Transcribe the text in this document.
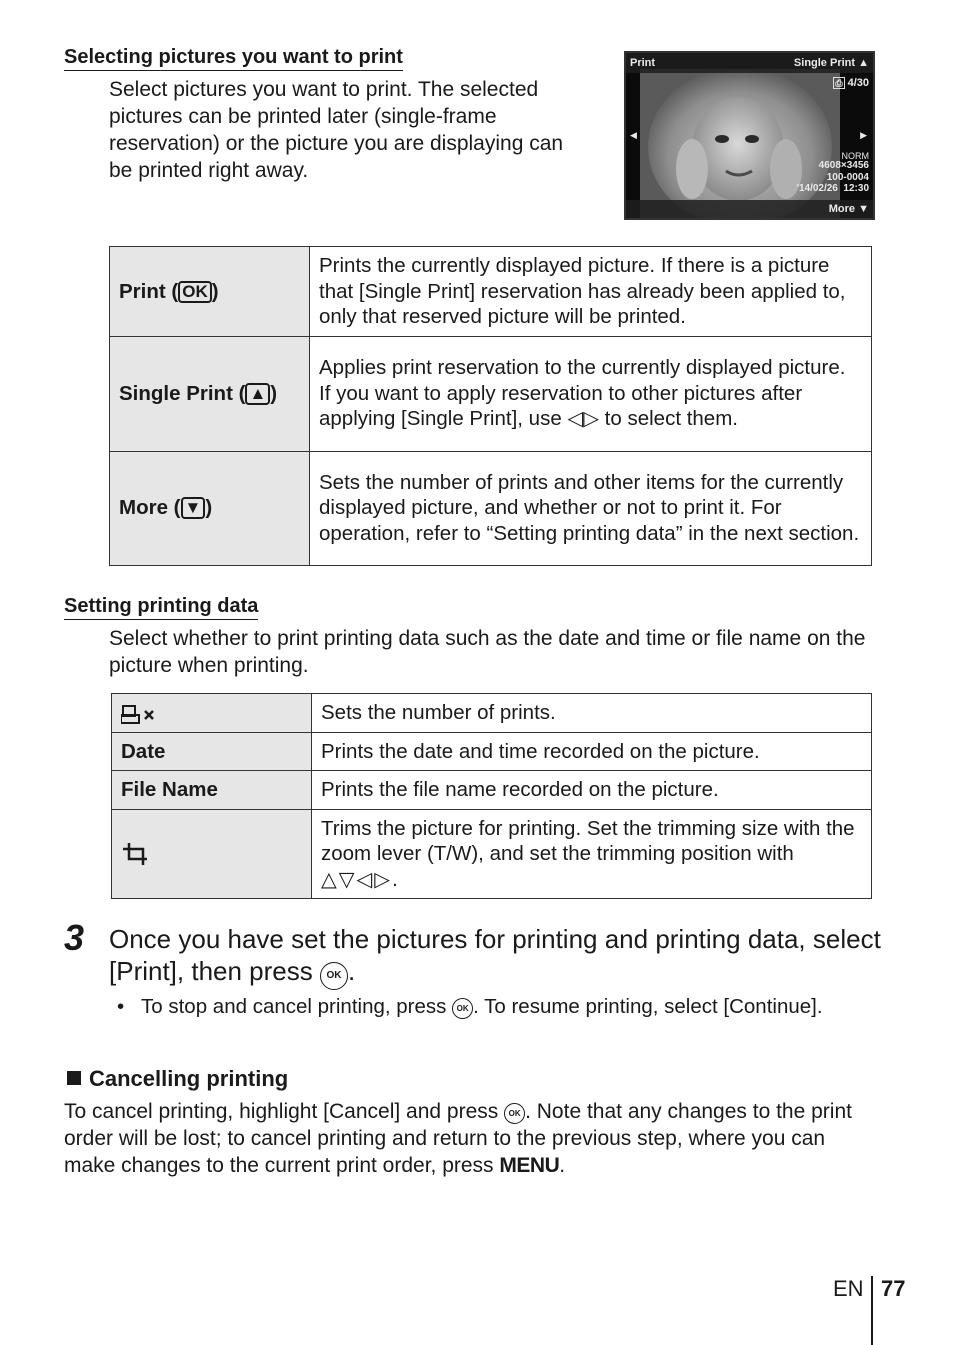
Selecting pictures you want to print
Select pictures you want to print. The selected pictures can be printed later (single-frame reservation) or the picture you are displaying can be printed right away.
Print	Single Print ▲
⎙ 4/30
◀	▶
NORM
4608×3456
100-0004
'14/02/26  12:30
More ▼
Print ( OK )	Prints the currently displayed picture. If there is a picture that [Single Print] reservation has already been applied to, only that reserved picture will be printed.
Single Print ( ▲ )	Applies print reservation to the currently displayed picture. If you want to apply reservation to other pictures after applying [Single Print], use ◁▷ to select them.
More ( ▼ )	Sets the number of prints and other items for the currently displayed picture, and whether or not to print it. For operation, refer to “Setting printing data” in the next section.
Setting printing data
Select whether to print printing data such as the date and time or file name on the picture when printing.
	Sets the number of prints.
Date	Prints the date and time recorded on the picture.
File Name	Prints the file name recorded on the picture.
	Trims the picture for printing. Set the trimming size with the zoom lever (T/W), and set the trimming position with △▽◁▷.
3 Once you have set the pictures for printing and printing data, select [Print], then press OK .
• To stop and cancel printing, press OK . To resume printing, select [Continue].
Cancelling printing
To cancel printing, highlight [Cancel] and press OK . Note that any changes to the print order will be lost; to cancel printing and return to the previous step, where you can make changes to the current print order, press MENU.
EN 77
